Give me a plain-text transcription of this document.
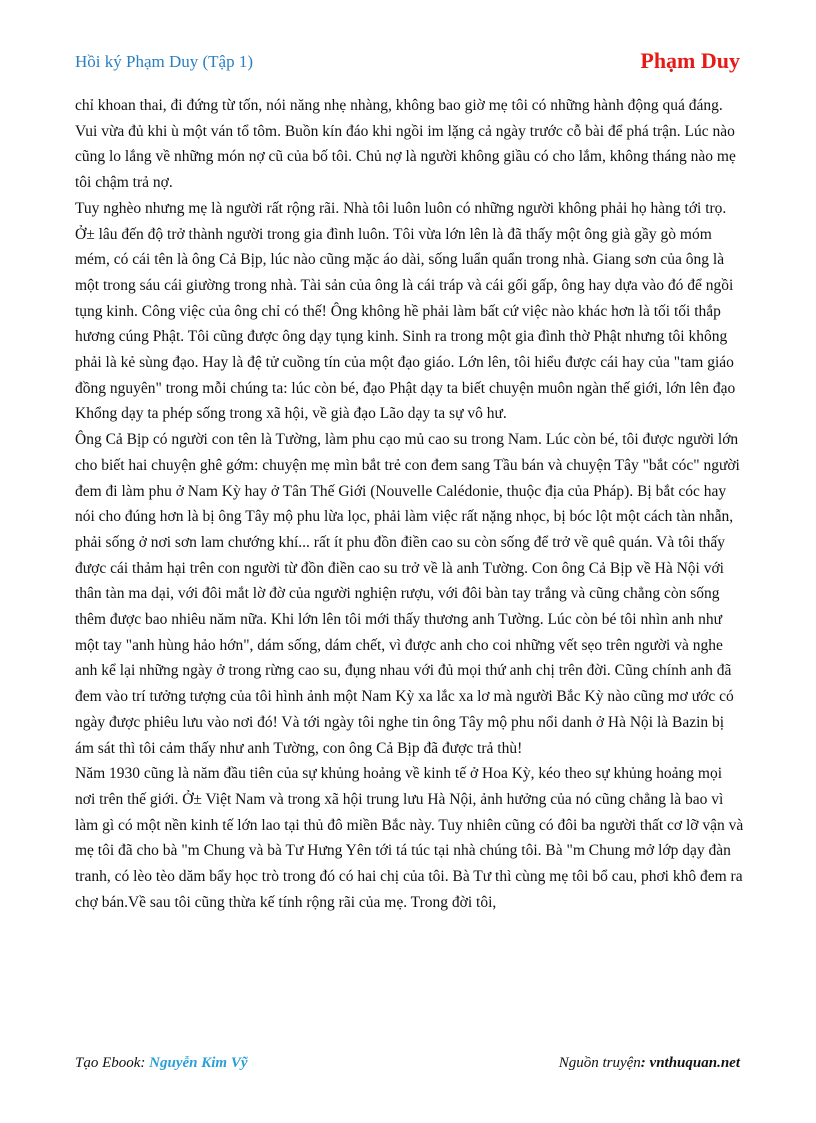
Hồi ký Phạm Duy (Tập 1)	Phạm Duy

chỉ khoan thai, đi đứng từ tốn, nói năng nhẹ nhàng, không bao giờ mẹ tôi có những hành động quá đáng. Vui vừa đủ khi ù một ván tổ tôm. Buồn kín đáo khi ngồi im lặng cả ngày trước cỗ bài để phá trận. Lúc nào cũng lo lắng về những món nợ cũ của bố tôi. Chủ nợ là người không giầu có cho lắm, không tháng nào mẹ tôi chậm trả nợ.

Tuy nghèo nhưng mẹ là người rất rộng rãi. Nhà tôi luôn luôn có những người không phải họ hàng tới trọ. Ở± lâu đến độ trở thành người trong gia đình luôn. Tôi vừa lớn lên là đã thấy một ông già gầy gò móm mém, có cái tên là ông Cả Bịp, lúc nào cũng mặc áo dài, sống luẩn quẩn trong nhà. Giang sơn của ông là một trong sáu cái giường trong nhà. Tài sản của ông là cái tráp và cái gối gấp, ông hay dựa vào đó để ngồi tụng kinh. Công việc của ông chỉ có thế! Ông không hề phải làm bất cứ việc nào khác hơn là tối tối thắp hương cúng Phật. Tôi cũng được ông dạy tụng kinh. Sinh ra trong một gia đình thờ Phật nhưng tôi không phải là kẻ sùng đạo. Hay là đệ tử cuồng tín của một đạo giáo. Lớn lên, tôi hiểu được cái hay của "tam giáo đồng nguyên" trong mỗi chúng ta: lúc còn bé, đạo Phật dạy ta biết chuyện muôn ngàn thế giới, lớn lên đạo Khổng dạy ta phép sống trong xã hội, về già đạo Lão dạy ta sự vô hư.

Ông Cả Bịp có người con tên là Tường, làm phu cạo mủ cao su trong Nam. Lúc còn bé, tôi được người lớn cho biết hai chuyện ghê gớm: chuyện mẹ mìn bắt trẻ con đem sang Tầu bán và chuyện Tây "bắt cóc" người đem đi làm phu ở Nam Kỳ hay ở Tân Thế Giới (Nouvelle Calédonie, thuộc địa của Pháp). Bị bắt cóc hay nói cho đúng hơn là bị ông Tây mộ phu lừa lọc, phải làm việc rất nặng nhọc, bị bóc lột một cách tàn nhẫn, phải sống ở nơi sơn lam chướng khí... rất ít phu đồn điền cao su còn sống để trở về quê quán. Và tôi thấy được cái thảm hại trên con người từ đồn điền cao su trở về là anh Tường. Con ông Cả Bịp về Hà Nội với thân tàn ma dại, với đôi mắt lờ đờ của người nghiện rượu, với đôi bàn tay trắng và cũng chẳng còn sống thêm được bao nhiêu năm nữa. Khi lớn lên tôi mới thấy thương anh Tường. Lúc còn bé tôi nhìn anh như một tay "anh hùng hảo hớn", dám sống, dám chết, vì được anh cho coi những vết sẹo trên người và nghe anh kể lại những ngày ở trong rừng cao su, đụng nhau với đủ mọi thứ anh chị trên đời. Cũng chính anh đã đem vào trí tưởng tượng của tôi hình ảnh một Nam Kỳ xa lắc xa lơ mà người Bắc Kỳ nào cũng mơ ước có ngày được phiêu lưu vào nơi đó! Và tới ngày tôi nghe tin ông Tây mộ phu nổi danh ở Hà Nội là Bazin bị ám sát thì tôi cảm thấy như anh Tường, con ông Cả Bịp đã được trả thù!

Năm 1930 cũng là năm đầu tiên của sự khủng hoảng về kinh tế ở Hoa Kỳ, kéo theo sự khủng hoảng mọi nơi trên thế giới. Ở± Việt Nam và trong xã hội trung lưu Hà Nội, ảnh hưởng của nó cũng chẳng là bao vì làm gì có một nền kinh tế lớn lao tại thủ đô miền Bắc này. Tuy nhiên cũng có đôi ba người thất cơ lỡ vận và mẹ tôi đã cho bà "m Chung và bà Tư Hưng Yên tới tá túc tại nhà chúng tôi. Bà "m Chung mở lớp dạy đàn tranh, có lèo tèo dăm bẩy học trò trong đó có hai chị của tôi. Bà Tư thì cùng mẹ tôi bổ cau, phơi khô đem ra chợ bán.Về sau tôi cũng thừa kế tính rộng rãi của mẹ. Trong đời tôi,

Tạo Ebook: Nguyễn Kim Vỹ	Nguồn truyện: vnthuquan.net
